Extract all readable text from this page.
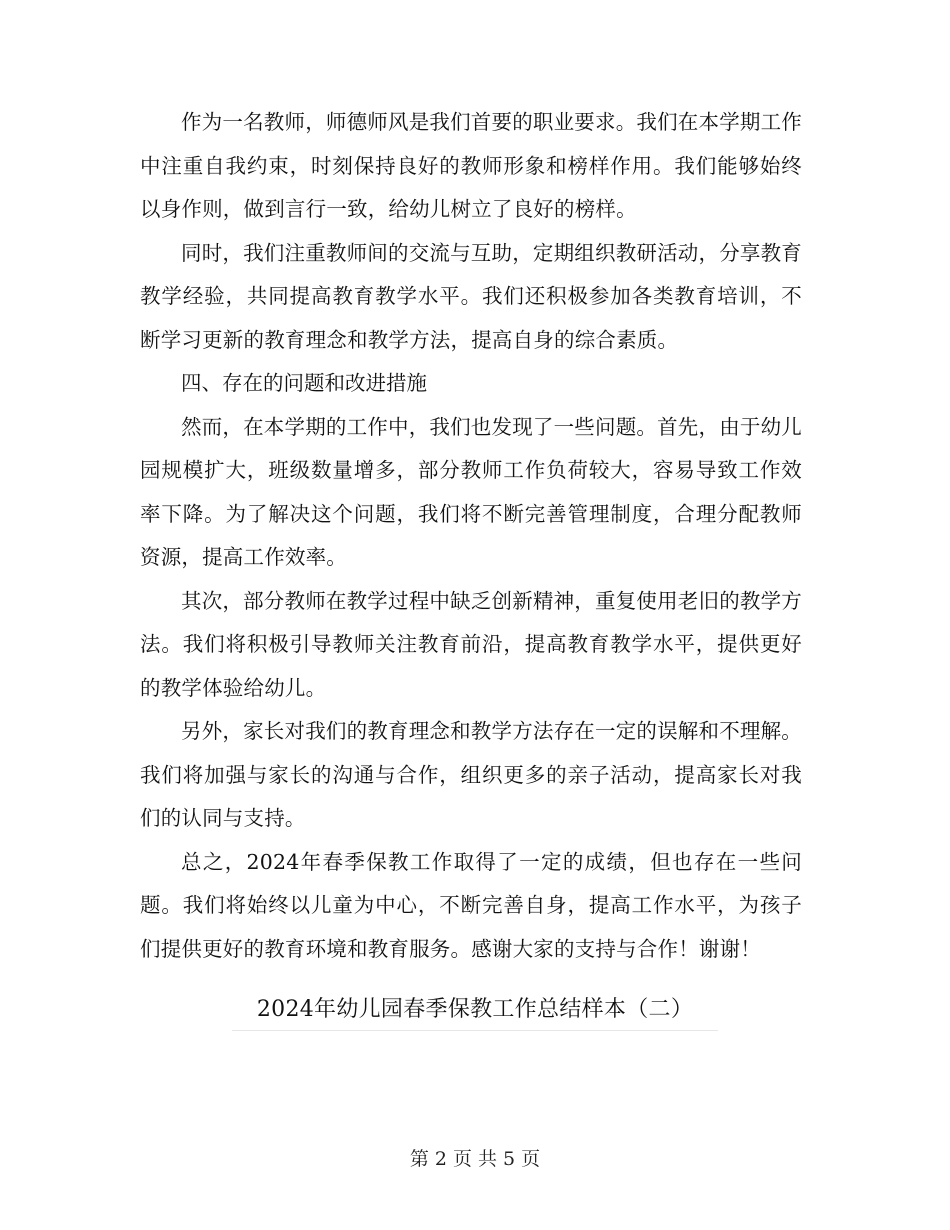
作为一名教师，师德师风是我们首要的职业要求。我们在本学期工作中注重自我约束，时刻保持良好的教师形象和榜样作用。我们能够始终以身作则，做到言行一致，给幼儿树立了良好的榜样。

同时，我们注重教师间的交流与互助，定期组织教研活动，分享教育教学经验，共同提高教育教学水平。我们还积极参加各类教育培训，不断学习更新的教育理念和教学方法，提高自身的综合素质。

四、存在的问题和改进措施

然而，在本学期的工作中，我们也发现了一些问题。首先，由于幼儿园规模扩大，班级数量增多，部分教师工作负荷较大，容易导致工作效率下降。为了解决这个问题，我们将不断完善管理制度，合理分配教师资源，提高工作效率。

其次，部分教师在教学过程中缺乏创新精神，重复使用老旧的教学方法。我们将积极引导教师关注教育前沿，提高教育教学水平，提供更好的教学体验给幼儿。

另外，家长对我们的教育理念和教学方法存在一定的误解和不理解。我们将加强与家长的沟通与合作，组织更多的亲子活动，提高家长对我们的认同与支持。

总之，2024年春季保教工作取得了一定的成绩，但也存在一些问题。我们将始终以儿童为中心，不断完善自身，提高工作水平，为孩子们提供更好的教育环境和教育服务。感谢大家的支持与合作！谢谢！

2024年幼儿园春季保教工作总结样本（二）
第 2 页 共 5 页
